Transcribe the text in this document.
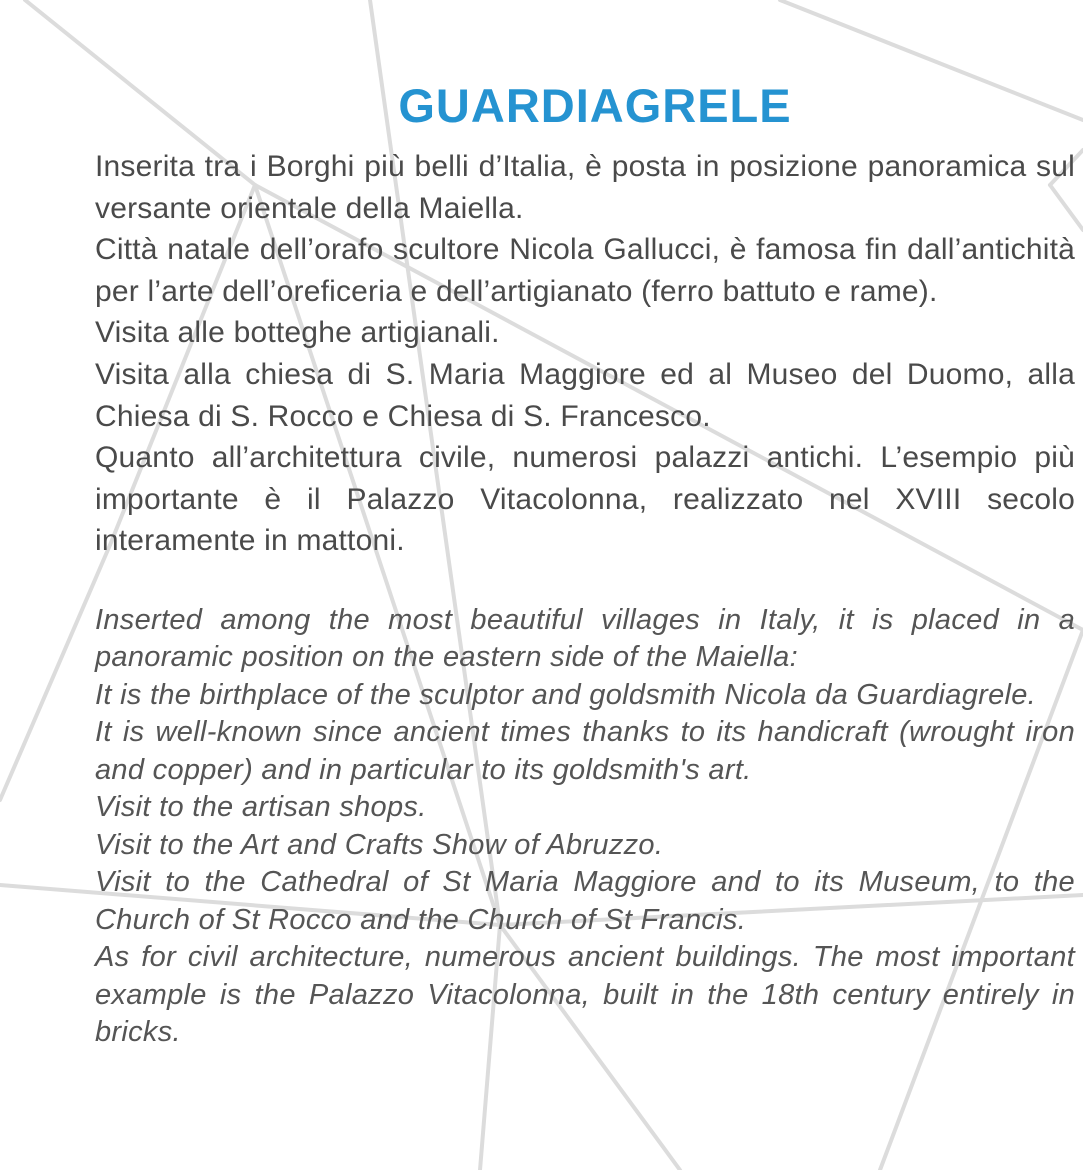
GUARDIAGRELE

Inserita tra i Borghi più belli d’Italia, è posta in posizione panoramica sul versante orientale della Maiella.

Città natale dell’orafo scultore Nicola Gallucci, è famosa fin dall’antichità per l’arte dell’oreficeria e dell’artigianato (ferro battuto e rame).

Visita alle botteghe artigianali.

Visita alla chiesa di S. Maria Maggiore ed al Museo del Duomo, alla Chiesa di S. Rocco e Chiesa di S. Francesco.

Quanto all’architettura civile, numerosi palazzi antichi. L’esempio più importante è il Palazzo Vitacolonna, realizzato nel XVIII secolo interamente in mattoni.

Inserted among the most beautiful villages in Italy, it is placed in a panoramic position on the eastern side of the Maiella:

It is the birthplace of the sculptor and goldsmith Nicola da Guardiagrele.

It is well-known since ancient times thanks to its handicraft (wrought iron and copper) and in particular to its goldsmith's art.

Visit to the artisan shops.

Visit to the Art and Crafts Show of Abruzzo.

Visit to the Cathedral of St Maria Maggiore and to its Museum, to the Church of St Rocco and the Church of St Francis.

As for civil architecture, numerous ancient buildings. The most important example is the Palazzo Vitacolonna, built in the 18th century entirely in bricks.
